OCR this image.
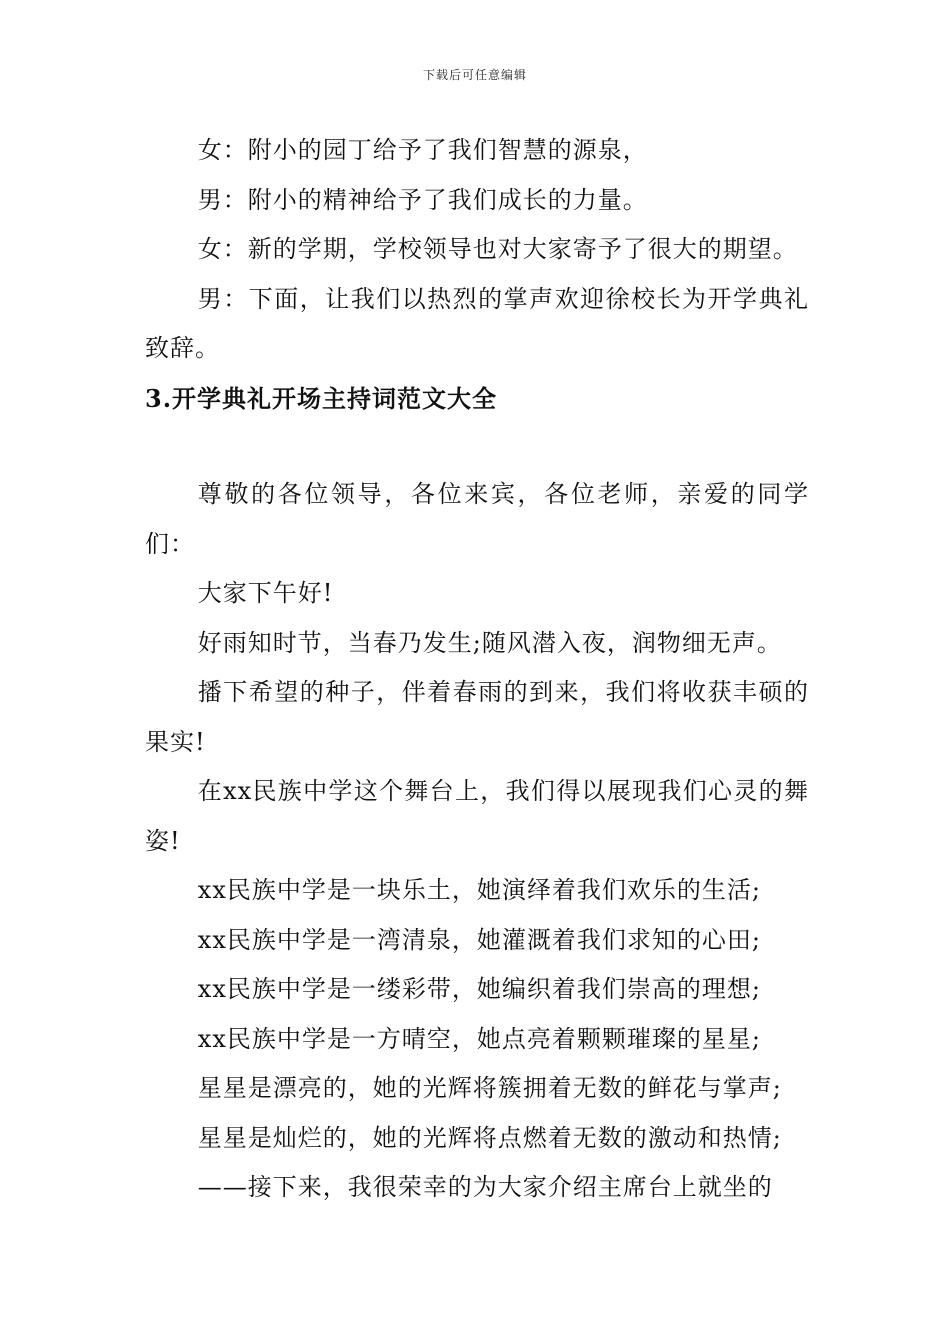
下载后可任意编辑

女：附小的园丁给予了我们智慧的源泉，

男：附小的精神给予了我们成长的力量。

女：新的学期，学校领导也对大家寄予了很大的期望。

男：下面，让我们以热烈的掌声欢迎徐校长为开学典礼致辞。

3.开学典礼开场主持词范文大全

尊敬的各位领导，各位来宾，各位老师，亲爱的同学们：

大家下午好!

好雨知时节，当春乃发生;随风潜入夜，润物细无声。

播下希望的种子，伴着春雨的到来，我们将收获丰硕的果实!

在xx民族中学这个舞台上，我们得以展现我们心灵的舞姿!

xx民族中学是一块乐土，她演绎着我们欢乐的生活;

xx民族中学是一湾清泉，她灌溉着我们求知的心田;

xx民族中学是一缕彩带，她编织着我们崇高的理想;

xx民族中学是一方晴空，她点亮着颗颗璀璨的星星;

星星是漂亮的，她的光辉将簇拥着无数的鲜花与掌声;

星星是灿烂的，她的光辉将点燃着无数的激动和热情;

——接下来，我很荣幸的为大家介绍主席台上就坐的
